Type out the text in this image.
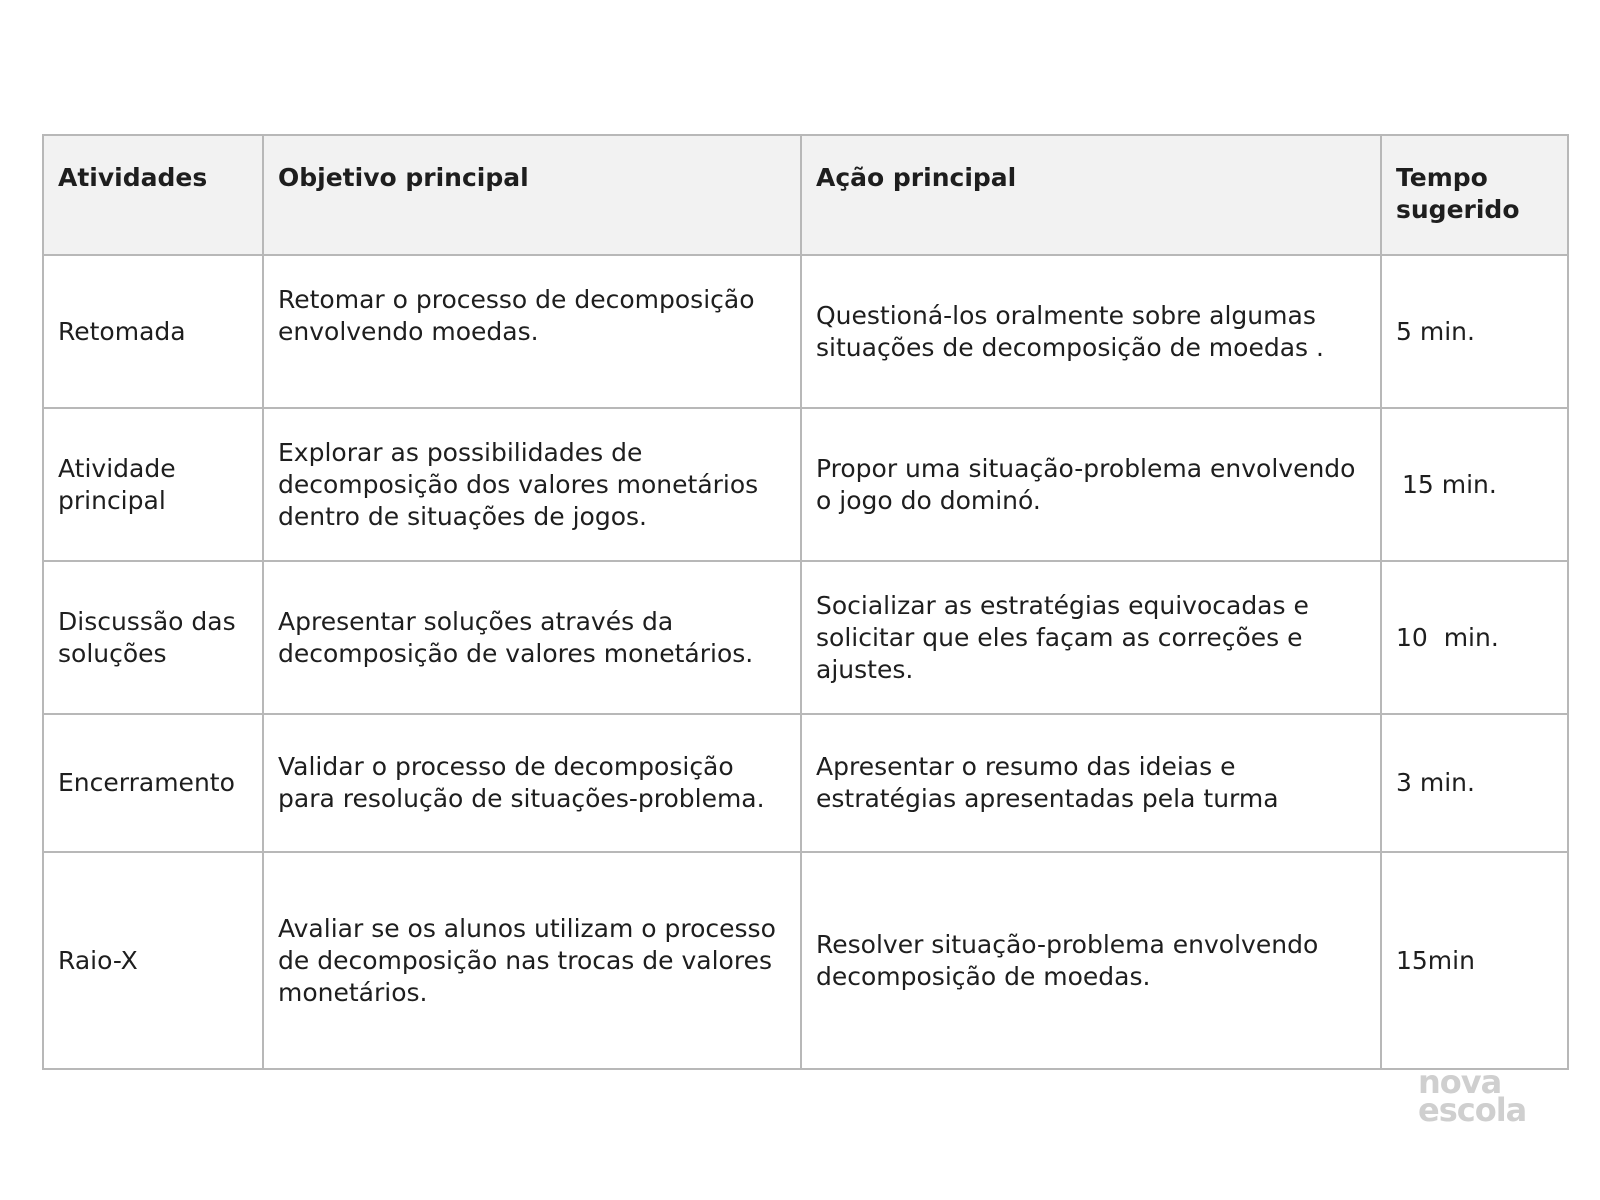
Atividades	Objetivo principal	Ação principal	Tempo sugerido
Retomada	Retomar o processo de decomposição envolvendo moedas.	Questioná-los oralmente sobre algumas situações de decomposição de moedas .	5 min.
Atividade principal	Explorar as possibilidades de decomposição dos valores monetários dentro de situações de jogos.	Propor uma situação-problema envolvendo o jogo do dominó.	15 min.
Discussão das soluções	Apresentar soluções através da decomposição de valores monetários.	Socializar as estratégias equivocadas e solicitar que eles façam as correções e ajustes.	10  min.
Encerramento	Validar o processo de decomposição para resolução de situações-problema.	Apresentar o resumo das ideias e estratégias apresentadas pela turma	3 min.
Raio-X	Avaliar se os alunos utilizam o processo de decomposição nas trocas de valores monetários.	Resolver situação-problema envolvendo decomposição de moedas.	15min
nova
escola
